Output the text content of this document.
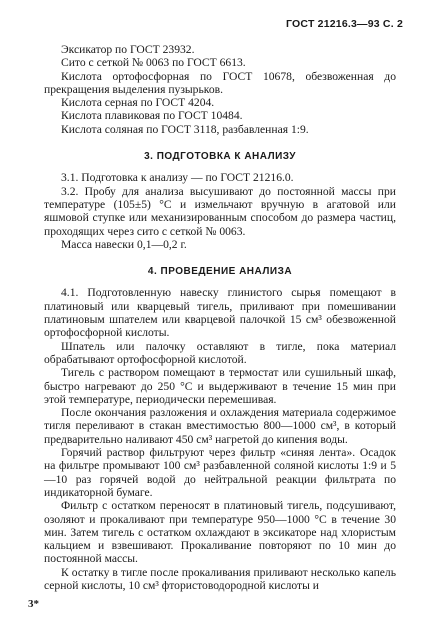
ГОСТ 21216.3—93 С. 2

Эксикатор по ГОСТ 23932.

Сито с сеткой № 0063 по ГОСТ 6613.

Кислота ортофосфорная по ГОСТ 10678, обезвоженная до прекращения выделения пузырьков.

Кислота серная по ГОСТ 4204.

Кислота плавиковая по ГОСТ 10484.

Кислота соляная по ГОСТ 3118, разбавленная 1:9.

3. ПОДГОТОВКА К АНАЛИЗУ

3.1. Подготовка к анализу — по ГОСТ 21216.0.

3.2. Пробу для анализа высушивают до постоянной массы при температуре (105±5) °С и измельчают вручную в агатовой или яшмовой ступке или механизированным способом до размера частиц, проходящих через сито с сеткой № 0063.

Масса навески 0,1—0,2 г.

4. ПРОВЕДЕНИЕ АНАЛИЗА

4.1. Подготовленную навеску глинистого сырья помещают в платиновый или кварцевый тигель, приливают при помешивании платиновым шпателем или кварцевой палочкой 15 см³ обезвоженной ортофосфорной кислоты.

Шпатель или палочку оставляют в тигле, пока материал обрабатывают ортофосфорной кислотой.

Тигель с раствором помещают в термостат или сушильный шкаф, быстро нагревают до 250 °С и выдерживают в течение 15 мин при этой температуре, периодически перемешивая.

После окончания разложения и охлаждения материала содержимое тигля переливают в стакан вместимостью 800—1000 см³, в который предварительно наливают 450 см³ нагретой до кипения воды.

Горячий раствор фильтруют через фильтр «синяя лента». Осадок на фильтре промывают 100 см³ разбавленной соляной кислоты 1:9 и 5—10 раз горячей водой до нейтральной реакции фильтрата по индикаторной бумаге.

Фильтр с остатком переносят в платиновый тигель, подсушивают, озоляют и прокаливают при температуре 950—1000 °С в течение 30 мин. Затем тигель с остатком охлаждают в эксикаторе над хлористым кальцием и взвешивают. Прокаливание повторяют по 10 мин до постоянной массы.

К остатку в тигле после прокаливания приливают несколько капель серной кислоты, 10 см³ фтористоводородной кислоты и

3*
